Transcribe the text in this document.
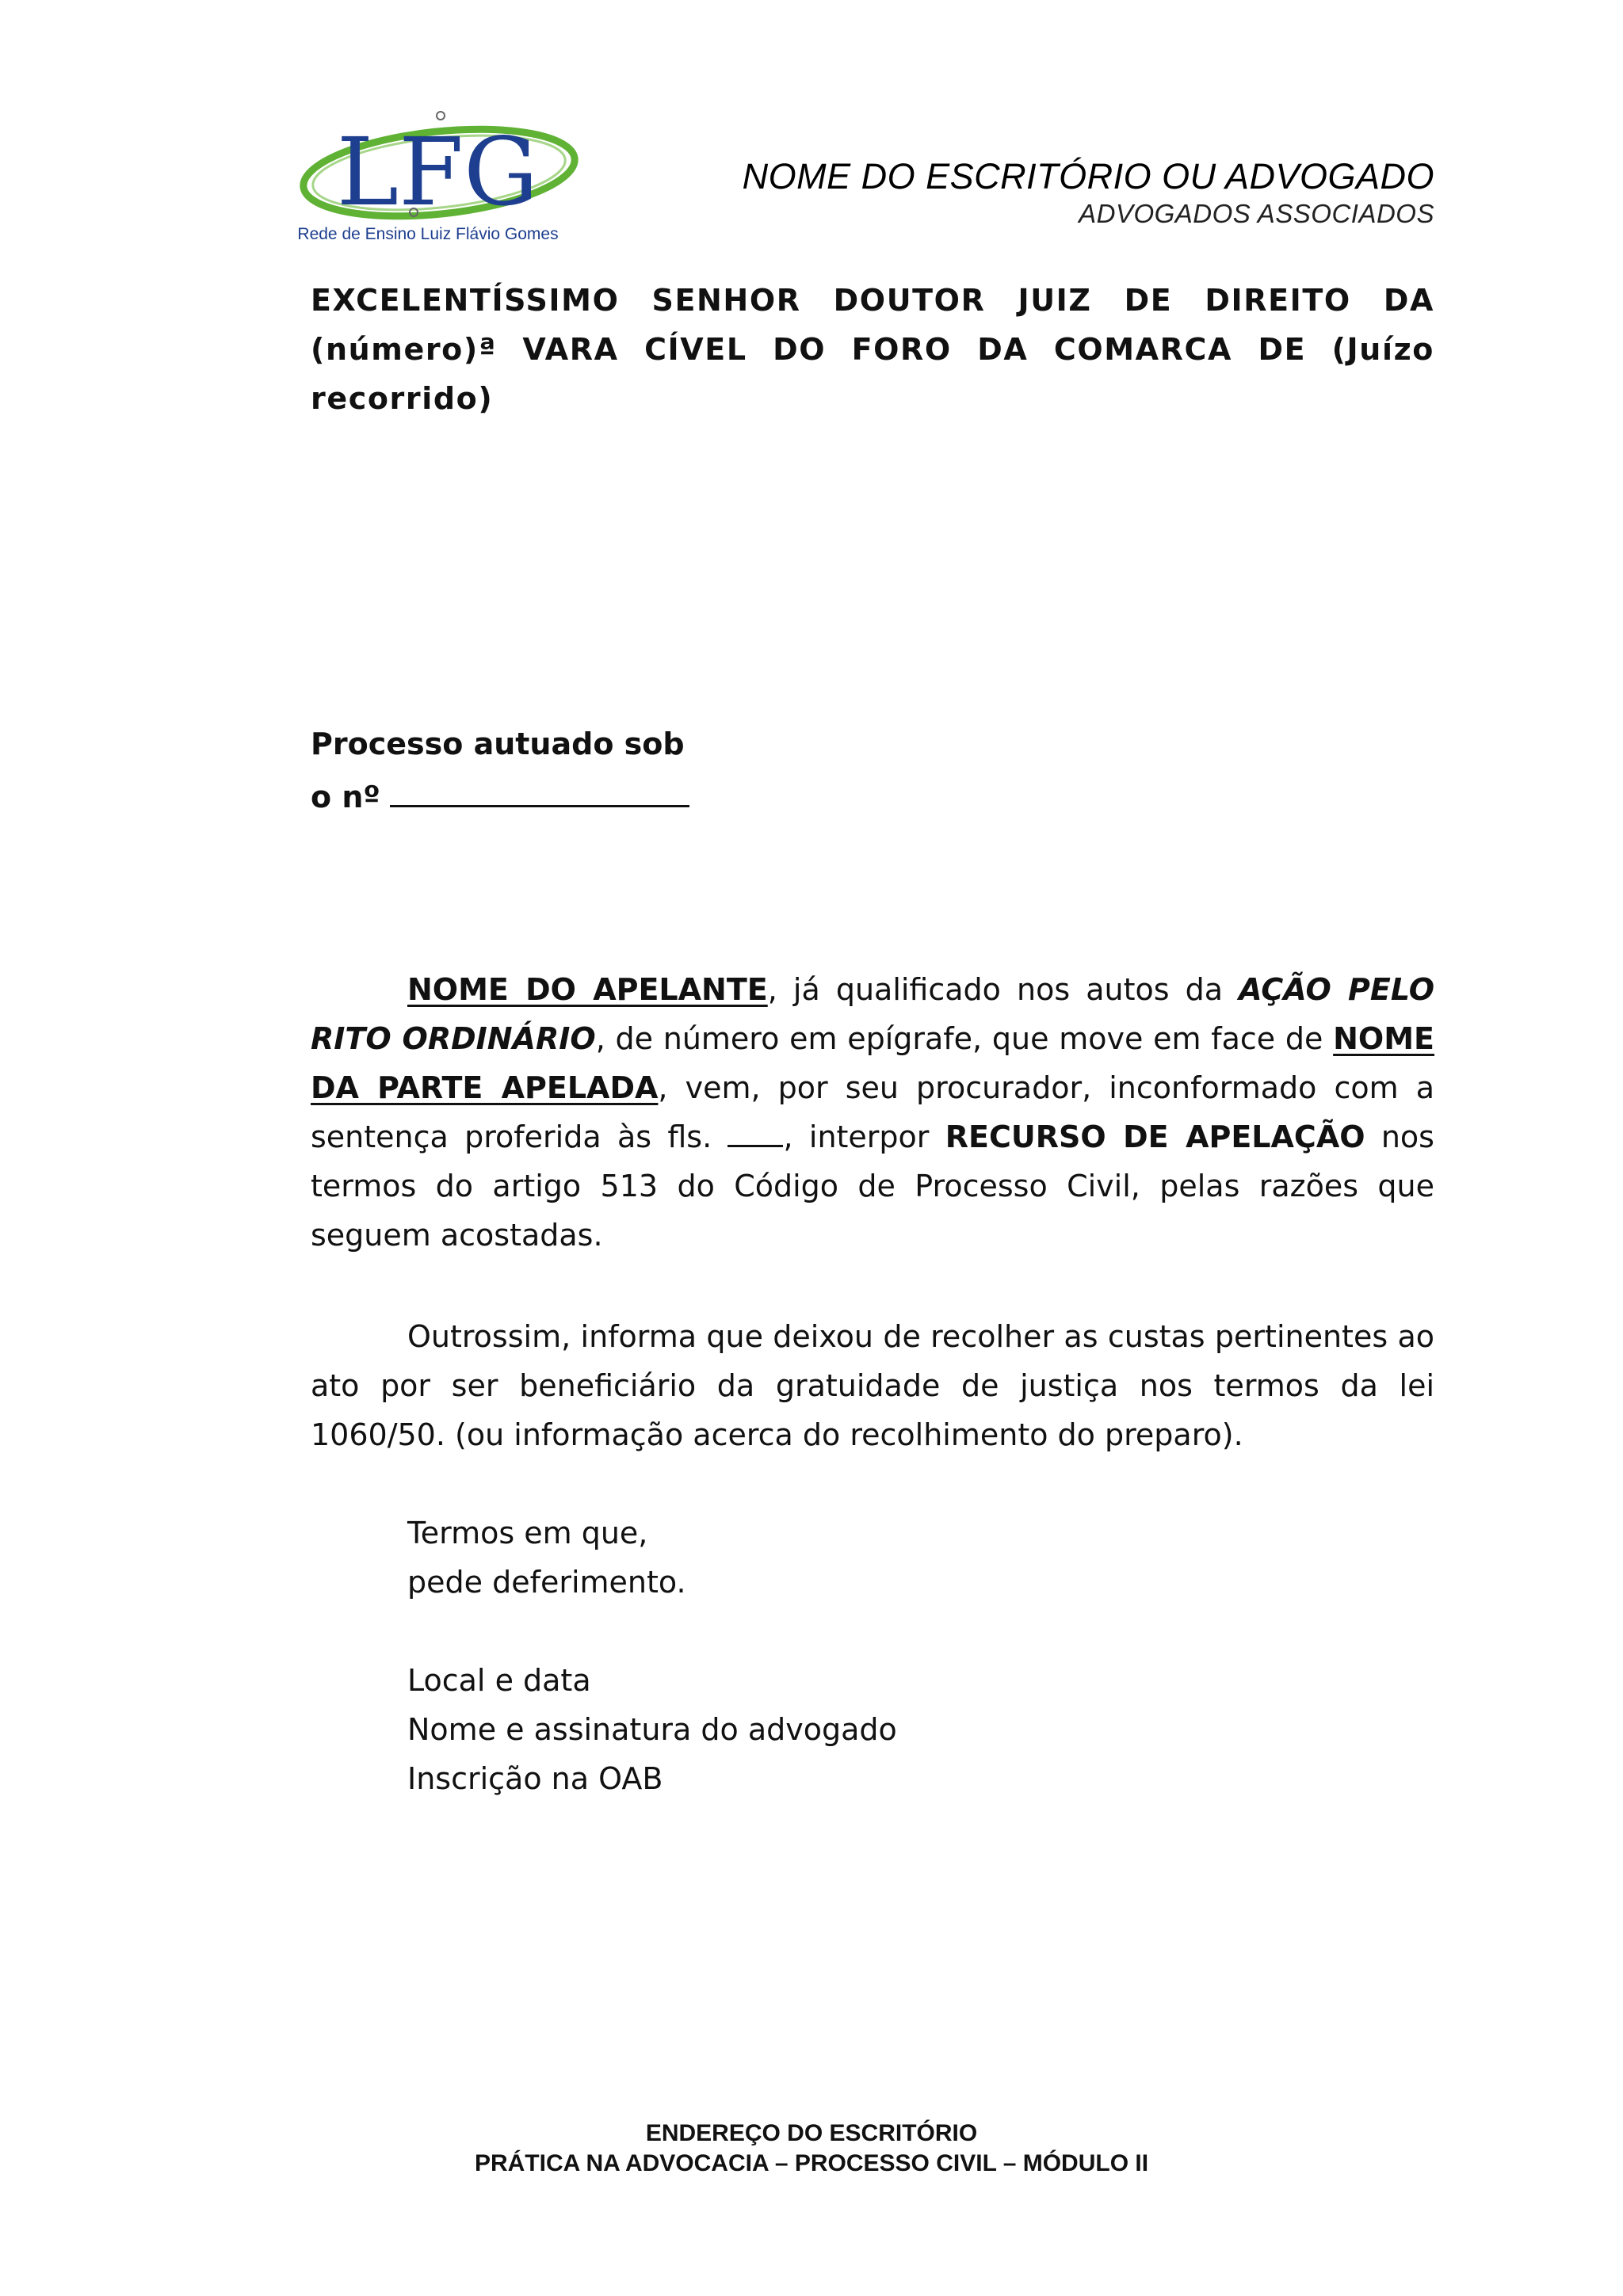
LFG
Rede de Ensino Luiz Flávio Gomes
NOME DO ESCRITÓRIO OU ADVOGADO
ADVOGADOS ASSOCIADOS
EXCELENTÍSSIMO SENHOR DOUTOR JUIZ DE DIREITO DA (número)ª VARA CÍVEL DO FORO DA COMARCA DE (Juízo recorrido)
Processo autuado sob
o nº
NOME DO APELANTE, já qualificado nos autos da AÇÃO PELO RITO ORDINÁRIO, de número em epígrafe, que move em face de NOME DA PARTE APELADA, vem, por seu procurador, inconformado com a sentença proferida às fls. , interpor RECURSO DE APELAÇÃO nos termos do artigo 513 do Código de Processo Civil, pelas razões que seguem acostadas.
Outrossim, informa que deixou de recolher as custas pertinentes ao ato por ser beneficiário da gratuidade de justiça nos termos da lei 1060/50. (ou informação acerca do recolhimento do preparo).
Termos em que,
pede deferimento.
Local e data
Nome e assinatura do advogado
Inscrição na OAB
ENDEREÇO DO ESCRITÓRIO
PRÁTICA NA ADVOCACIA – PROCESSO CIVIL – MÓDULO II
